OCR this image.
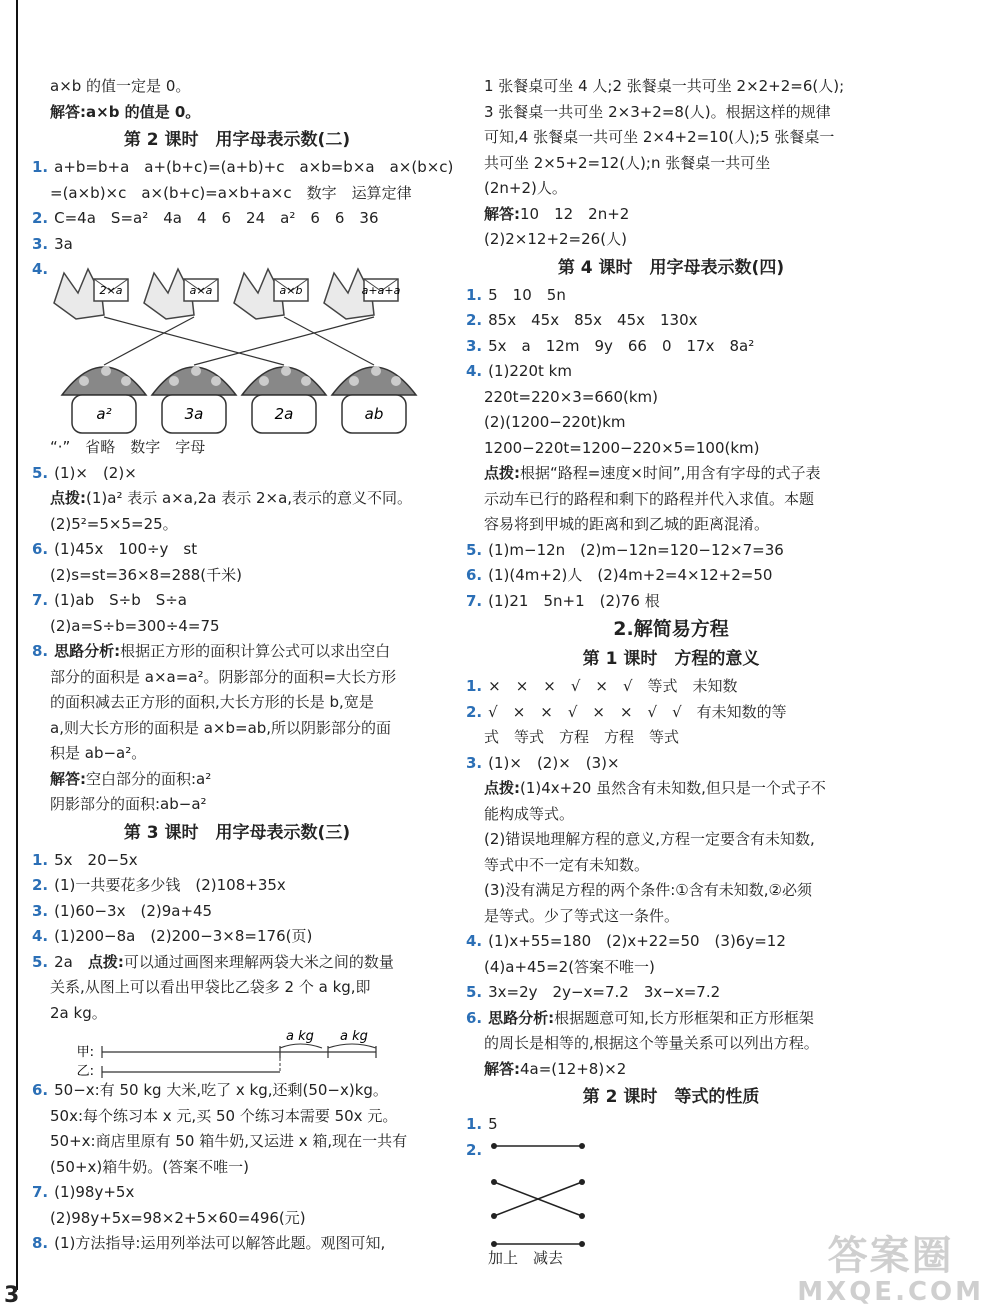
a×b 的值一定是 0。
解答:a×b 的值是 0。
第 2 课时　用字母表示数(二)
1. a+b=b+a　a+(b+c)=(a+b)+c　a×b=b×a　a×(b×c)
=(a×b)×c　a×(b+c)=a×b+a×c　数字　运算定律
2. C=4a　S=a²　4a　4　6　24　a²　6　6　36
3. 3a
4.
2×a	a×a	a×b	a+a+a
a²	3a	2a	ab
“·”　省略　数字　字母
5. (1)×　(2)×
点拨:(1)a² 表示 a×a,2a 表示 2×a,表示的意义不同。
(2)5²=5×5=25。
6. (1)45x　100÷y　st
(2)s=st=36×8=288(千米)
7. (1)ab　S÷b　S÷a
(2)a=S÷b=300÷4=75
8. 思路分析:根据正方形的面积计算公式可以求出空白
部分的面积是 a×a=a²。阴影部分的面积=大长方形
的面积减去正方形的面积,大长方形的长是 b,宽是
a,则大长方形的面积是 a×b=ab,所以阴影部分的面
积是 ab−a²。
解答:空白部分的面积:a²
阴影部分的面积:ab−a²
第 3 课时　用字母表示数(三)
1. 5x　20−5x
2. (1)一共要花多少钱　(2)108+35x
3. (1)60−3x　(2)9a+45
4. (1)200−8a　(2)200−3×8=176(页)
5. 2a　点拨:可以通过画图来理解两袋大米之间的数量
关系,从图上可以看出甲袋比乙袋多 2 个 a kg,即
2a kg。
a kg a kg
甲:
乙:
6. 50−x:有 50 kg 大米,吃了 x kg,还剩(50−x)kg。
50x:每个练习本 x 元,买 50 个练习本需要 50x 元。
50+x:商店里原有 50 箱牛奶,又运进 x 箱,现在一共有
(50+x)箱牛奶。(答案不唯一)
7. (1)98y+5x
(2)98y+5x=98×2+5×60=496(元)
8. (1)方法指导:运用列举法可以解答此题。观图可知,
1 张餐桌可坐 4 人;2 张餐桌一共可坐 2×2+2=6(人);
3 张餐桌一共可坐 2×3+2=8(人)。根据这样的规律
可知,4 张餐桌一共可坐 2×4+2=10(人);5 张餐桌一
共可坐 2×5+2=12(人);n 张餐桌一共可坐
(2n+2)人。
解答:10　12　2n+2
(2)2×12+2=26(人)
第 4 课时　用字母表示数(四)
1. 5　10　5n
2. 85x　45x　85x　45x　130x
3. 5x　a　12m　9y　66　0　17x　8a²
4. (1)220t km
220t=220×3=660(km)
(2)(1200−220t)km
1200−220t=1200−220×5=100(km)
点拨:根据“路程=速度×时间”,用含有字母的式子表
示动车已行的路程和剩下的路程并代入求值。本题
容易将到甲城的距离和到乙城的距离混淆。
5. (1)m−12n　(2)m−12n=120−12×7=36
6. (1)(4m+2)人　(2)4m+2=4×12+2=50
7. (1)21　5n+1　(2)76 根
2.解简易方程
第 1 课时　方程的意义
1. ×　×　×　√　×　√　等式　未知数
2. √　×　×　√　×　×　√　√　有未知数的等
式　等式　方程　方程　等式
3. (1)×　(2)×　(3)×
点拨:(1)4x+20 虽然含有未知数,但只是一个式子不
能构成等式。
(2)错误地理解方程的意义,方程一定要含有未知数,
等式中不一定有未知数。
(3)没有满足方程的两个条件:①含有未知数,②必须
是等式。少了等式这一条件。
4. (1)x+55=180　(2)x+22=50　(3)6y=12
(4)a+45=2(答案不唯一)
5. 3x=2y　2y−x=7.2　3x−x=7.2
6. 思路分析:根据题意可知,长方形框架和正方形框架
的周长是相等的,根据这个等量关系可以列出方程。
解答:4a=(12+8)×2
第 2 课时　等式的性质
1. 5
2.
加上　减去
3
答案圈
MXQE.COM
